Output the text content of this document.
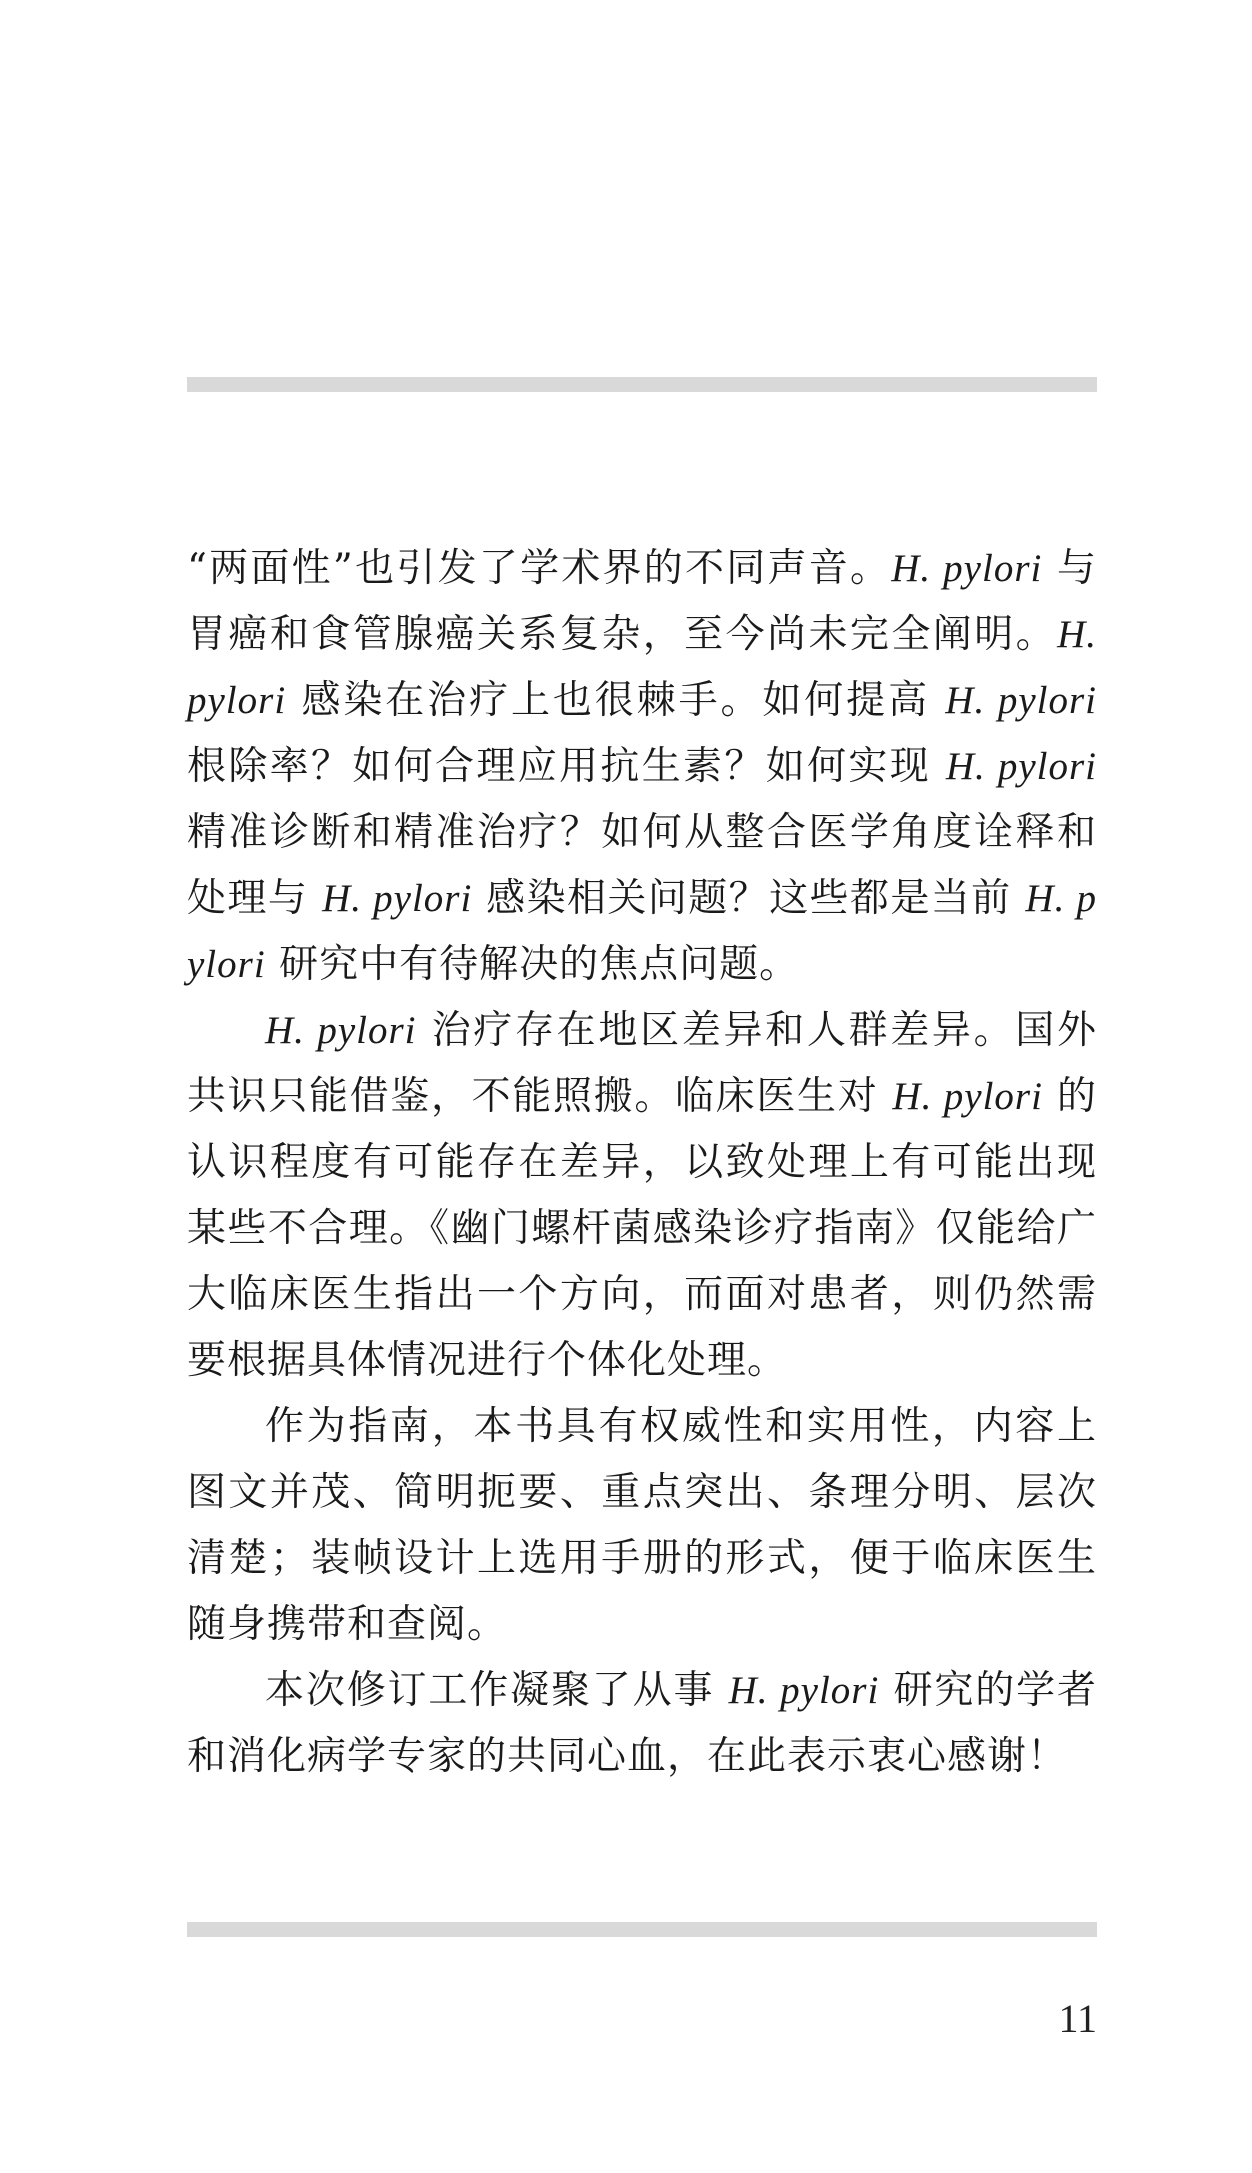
“两面性”也引发了学术界的不同声音。H. pylori 与胃癌和食管腺癌关系复杂，至今尚未完全阐明。H. pylori 感染在治疗上也很棘手。如何提高 H. pylori 根除率？如何合理应用抗生素？如何实现 H. pylori 精准诊断和精准治疗？如何从整合医学角度诠释和处理与 H. pylori 感染相关问题？这些都是当前 H. pylori 研究中有待解决的焦点问题。

H. pylori 治疗存在地区差异和人群差异。国外共识只能借鉴，不能照搬。临床医生对 H. pylori 的认识程度有可能存在差异，以致处理上有可能出现某些不合理。《幽门螺杆菌感染诊疗指南》仅能给广大临床医生指出一个方向，而面对患者，则仍然需要根据具体情况进行个体化处理。

作为指南，本书具有权威性和实用性，内容上图文并茂、简明扼要、重点突出、条理分明、层次清楚；装帧设计上选用手册的形式，便于临床医生随身携带和查阅。

本次修订工作凝聚了从事 H. pylori 研究的学者和消化病学专家的共同心血，在此表示衷心感谢！

11
